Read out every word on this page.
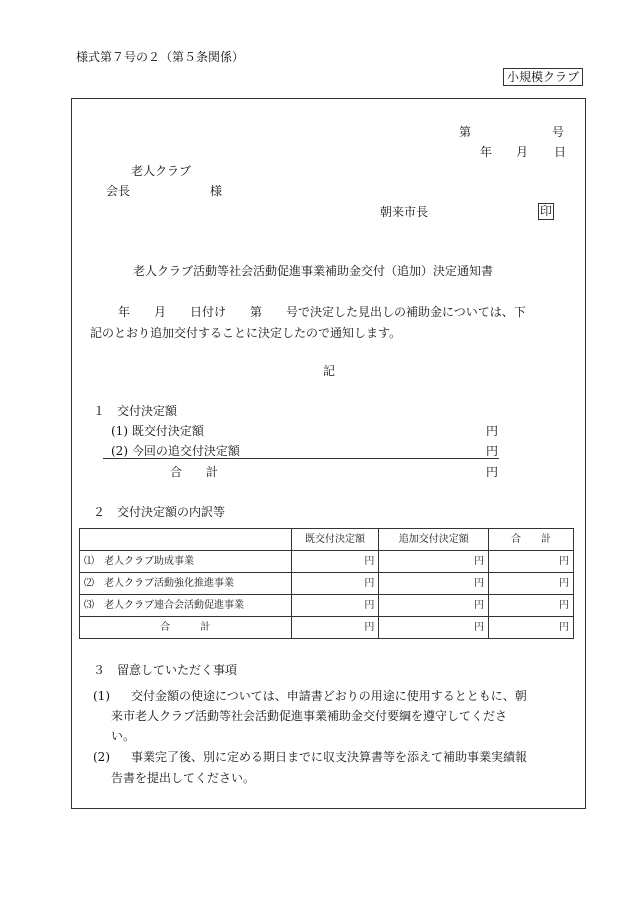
様式第７号の２（第５条関係）
小規模クラブ
第	号
年 月 日
老人クラブ
会長	様
朝来市長	印
老人クラブ活動等社会活動促進事業補助金交付（追加）決定通知書
年　　月　　日付け　　第　　号で決定した見出しの補助金については、下
記のとおり追加交付することに決定したので通知します。
記
１　交付決定額
(1) 既交付決定額	円
(2) 今回の追交付決定額	円
合　　計	円
２　交付決定額の内訳等
	既交付決定額	追加交付決定額	合　　計
⑴　老人クラブ助成事業	円	円	円
⑵　老人クラブ活動強化推進事業	円	円	円
⑶　老人クラブ連合会活動促進事業	円	円	円
合　　　計	円	円	円
３　留意していただく事項
(1) 交付金額の使途については、申請書どおりの用途に使用するとともに、朝
来市老人クラブ活動等社会活動促進事業補助金交付要綱を遵守してくださ
い。
(2) 事業完了後、別に定める期日までに収支決算書等を添えて補助事業実績報
告書を提出してください。
